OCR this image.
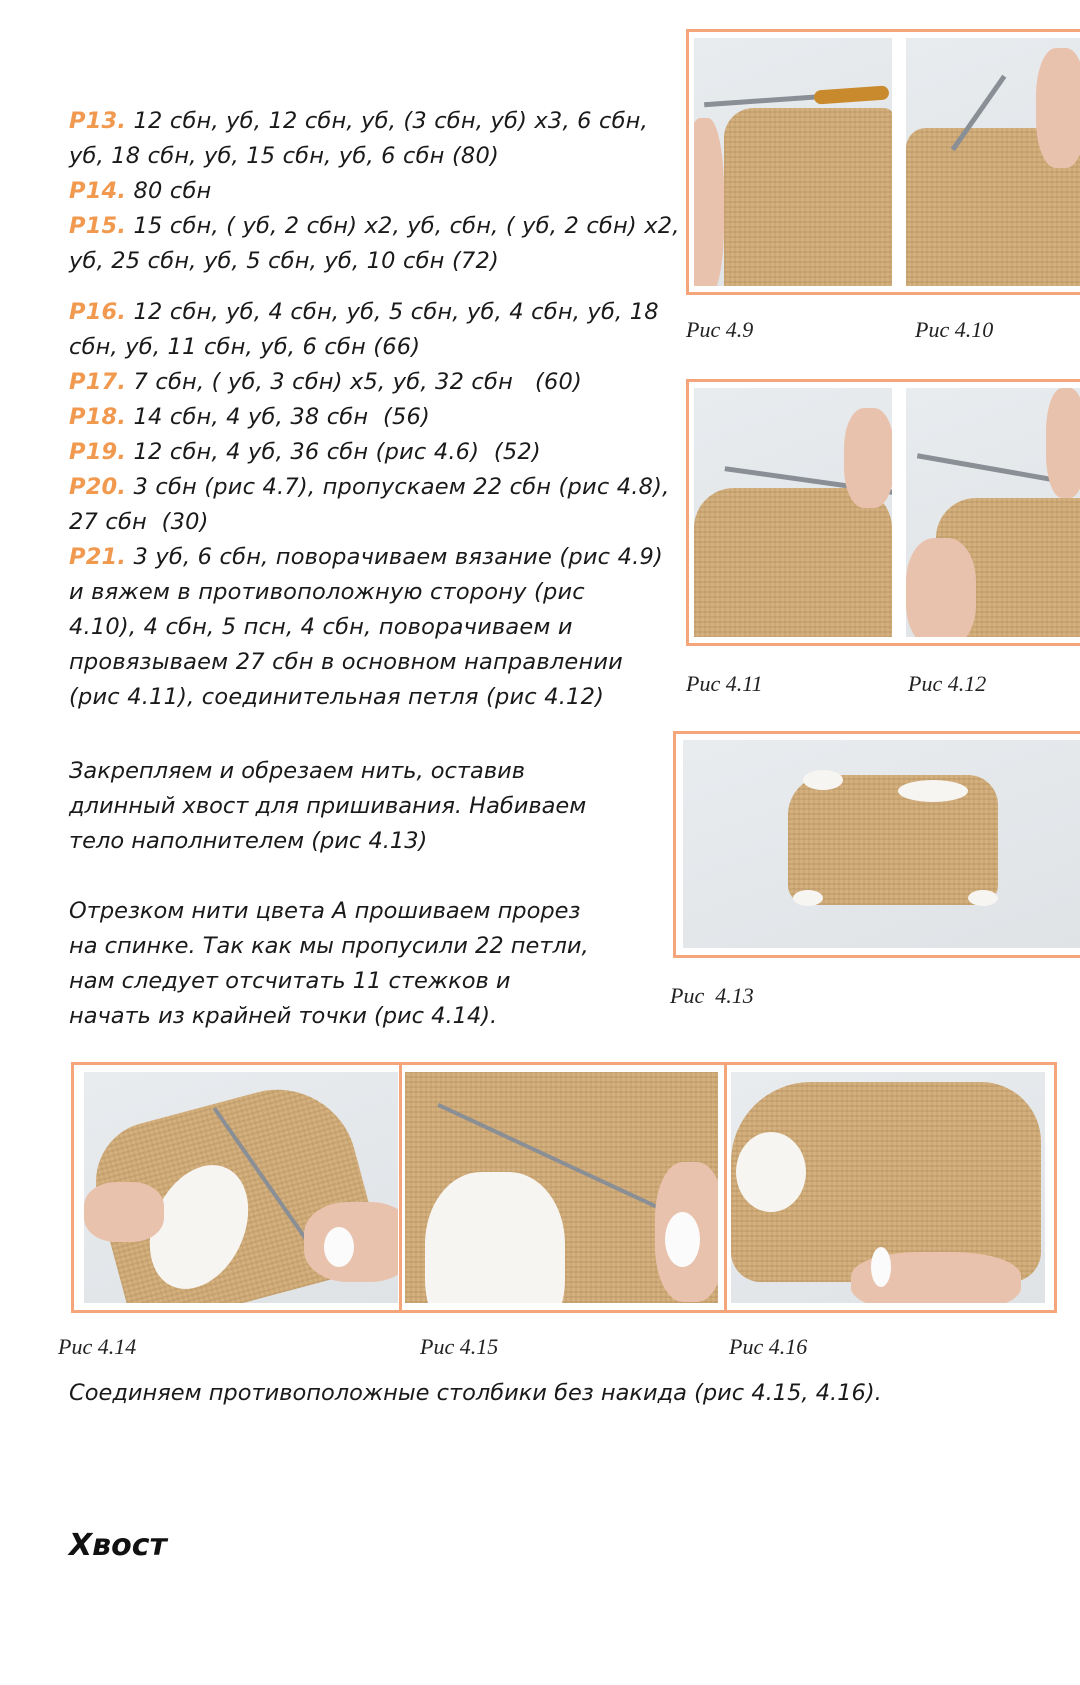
P13. 12 сбн, уб, 12 сбн, уб, (3 сбн, уб) x3, 6 сбн,
уб, 18 сбн, уб, 15 сбн, уб, 6 сбн (80)
P14. 80 сбн
P15. 15 сбн, ( уб, 2 сбн) x2, уб, сбн, ( уб, 2 сбн) x2,
уб, 25 сбн, уб, 5 сбн, уб, 10 сбн (72)
P16. 12 сбн, уб, 4 сбн, уб, 5 сбн, уб, 4 сбн, уб, 18
сбн, уб, 11 сбн, уб, 6 сбн (66)
P17. 7 сбн, ( уб, 3 сбн) x5, уб, 32 сбн   (60)
P18. 14 сбн, 4 уб, 38 сбн  (56)
P19. 12 сбн, 4 уб, 36 сбн (рис 4.6)  (52)
P20. 3 сбн (рис 4.7), пропускаем 22 сбн (рис 4.8),
27 сбн  (30)
P21. 3 уб, 6 сбн, поворачиваем вязание (рис 4.9)
и вяжем в противоположную сторону (рис
4.10), 4 сбн, 5 псн, 4 сбн, поворачиваем и
провязываем 27 сбн в основном направлении
(рис 4.11), соединительная петля (рис 4.12)
Рис 4.9	Рис 4.10
Рис 4.11	Рис 4.12
Рис  4.13
Закрепляем и обрезаем нить, оставив
длинный хвост для пришивания. Набиваем
тело наполнителем (рис 4.13)
Отрезком нити цвета А прошиваем прорез
на спинке. Так как мы пропусили 22 петли,
нам следует отсчитать 11 стежков и
начать из крайней точки (рис 4.14).
Рис 4.14	Рис 4.15	Рис 4.16
Соединяем противоположные столбики без накида (рис 4.15, 4.16).
Хвост
